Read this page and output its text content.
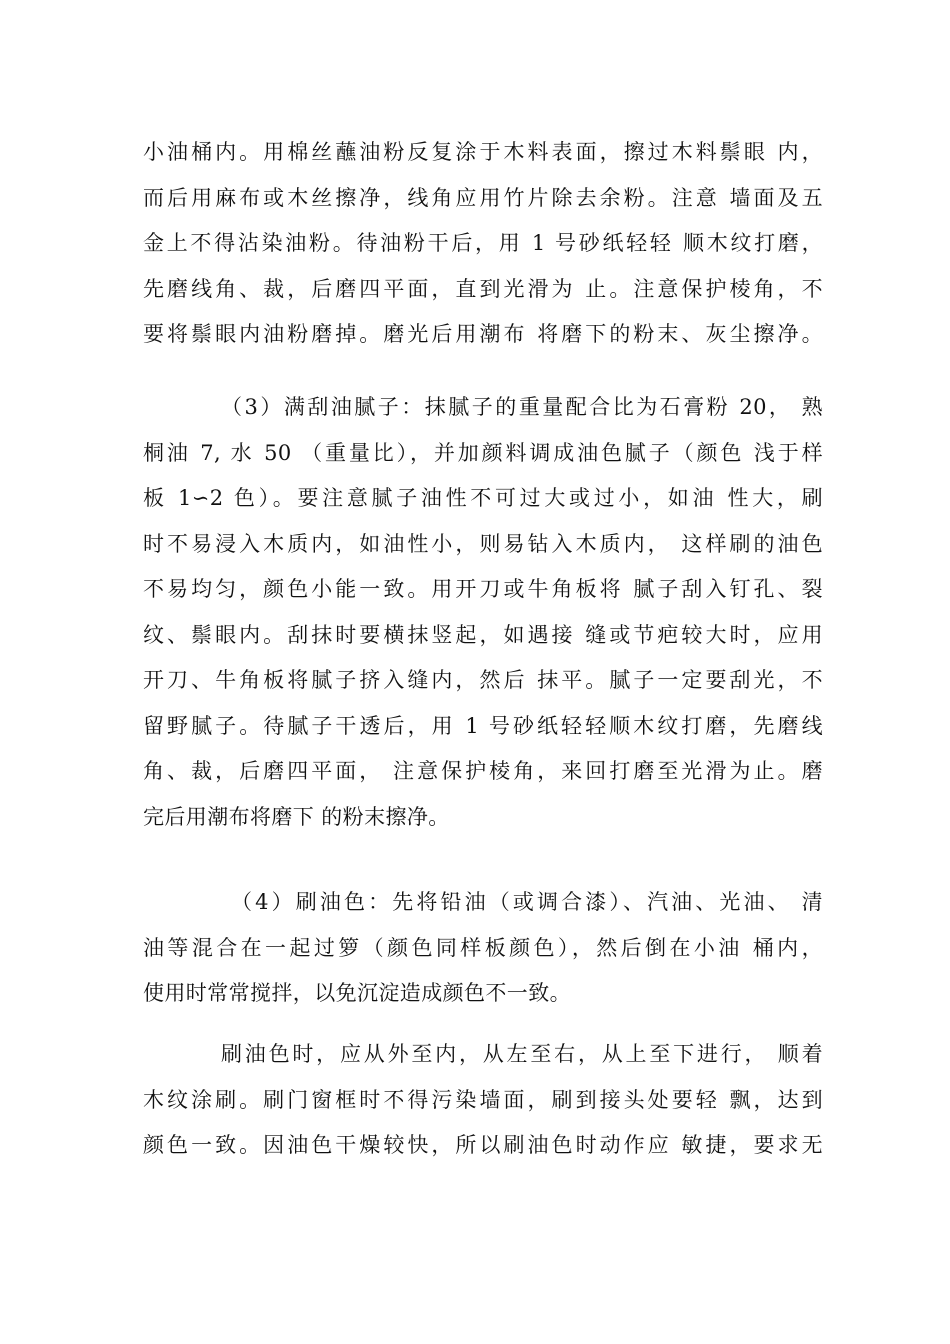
小油桶内。用棉丝蘸油粉反复涂于木料表面，擦过木料鬃眼 内，
而后用麻布或木丝擦净，线角应用竹片除去余粉。注意 墙面及五
金上不得沾染油粉。待油粉干后，用 1 号砂纸轻轻 顺木纹打磨，
先磨线角、裁，后磨四平面，直到光滑为 止。注意保护棱角，不
要将鬃眼内油粉磨掉。磨光后用潮布 将磨下的粉末、灰尘擦净。
（3）满刮油腻子：抹腻子的重量配合比为石膏粉 20， 熟
桐油 7, 水 50 （重量比），并加颜料调成油色腻子（颜色 浅于样
板 1∽2 色）。要注意腻子油性不可过大或过小，如油 性大，刷
时不易浸入木质内，如油性小，则易钻入木质内， 这样刷的油色
不易均匀，颜色小能一致。用开刀或牛角板将 腻子刮入钉孔、裂
纹、鬃眼内。刮抹时要横抹竖起，如遇接 缝或节疤较大时，应用
开刀、牛角板将腻子挤入缝内，然后 抹平。腻子一定要刮光，不
留野腻子。待腻子干透后，用 1 号砂纸轻轻顺木纹打磨，先磨线
角、裁，后磨四平面， 注意保护棱角，来回打磨至光滑为止。磨
完后用潮布将磨下 的粉末擦净。
（4）刷油色：先将铅油（或调合漆）、汽油、光油、 清
油等混合在一起过箩（颜色同样板颜色），然后倒在小油 桶内，
使用时常常搅拌，以免沉淀造成颜色不一致。
刷油色时，应从外至内，从左至右，从上至下进行， 顺着
木纹涂刷。刷门窗框时不得污染墙面，刷到接头处要轻 飘，达到
颜色一致。因油色干燥较快，所以刷油色时动作应 敏捷，要求无
